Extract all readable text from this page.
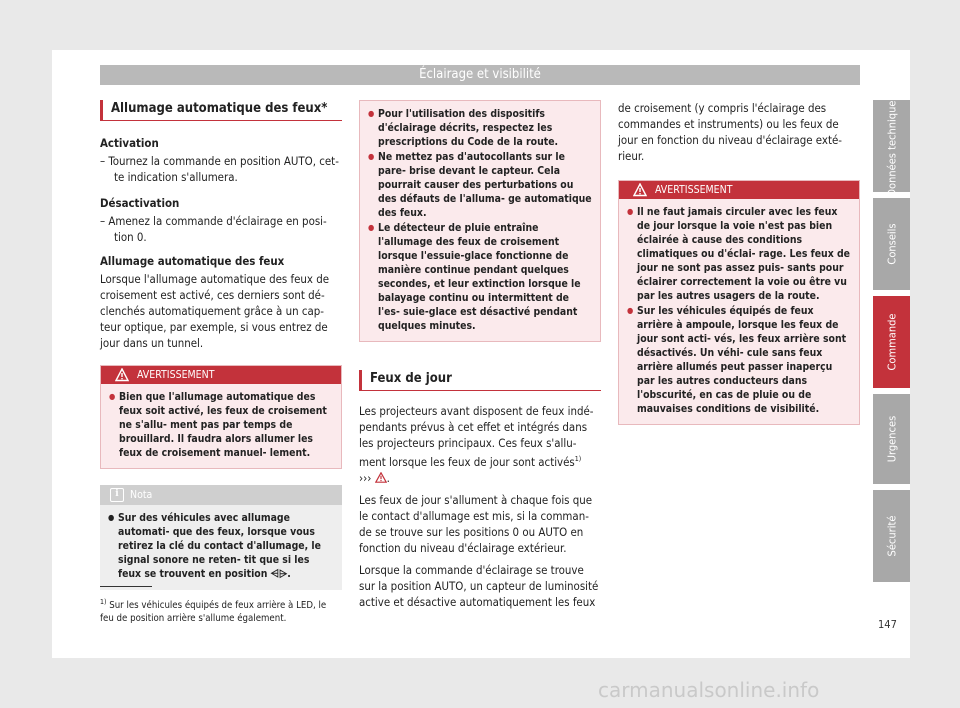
Éclairage et visibilité
Allumage automatique des feux*
Activation
– Tournez la commande en position AUTO, cet- te indication s'allumera.
Désactivation
– Amenez la commande d'éclairage en posi- tion 0.
Allumage automatique des feux

Lorsque l'allumage automatique des feux de croisement est activé, ces derniers sont dé- clenchés automatiquement grâce à un cap- teur optique, par exemple, si vous entrez de jour dans un tunnel.

AVERTISSEMENT
● Bien que l'allumage automatique des feux soit activé, les feux de croisement ne s'allu- ment pas par temps de brouillard. Il faudra alors allumer les feux de croisement manuel- lement.
i	Nota
● Sur des véhicules avec allumage automati- que des feux, lorsque vous retirez la clé du contact d'allumage, le signal sonore ne reten- tit que si les feux se trouvent en position ⩤⩥.
● Pour l'utilisation des dispositifs d'éclairage décrits, respectez les prescriptions du Code de la route.
● Ne mettez pas d'autocollants sur le pare- brise devant le capteur. Cela pourrait causer des perturbations ou des défauts de l'alluma- ge automatique des feux.
● Le détecteur de pluie entraîne l'allumage des feux de croisement lorsque l'essuie-glace fonctionne de manière continue pendant quelques secondes, et leur extinction lorsque le balayage continu ou intermittent de l'es- suie-glace est désactivé pendant quelques minutes.
Feux de jour

Les projecteurs avant disposent de feux indé- pendants prévus à cet effet et intégrés dans les projecteurs principaux. Ces feux s'allu- ment lorsque les feux de jour sont activés$^{1)}$
››› .

Les feux de jour s'allument à chaque fois que le contact d'allumage est mis, si la comman- de se trouve sur les positions 0 ou AUTO en fonction du niveau d'éclairage extérieur.

Lorsque la commande d'éclairage se trouve sur la position AUTO, un capteur de luminosité active et désactive automatiquement les feux

de croisement (y compris l'éclairage des commandes et instruments) ou les feux de jour en fonction du niveau d'éclairage exté- rieur.

AVERTISSEMENT
● Il ne faut jamais circuler avec les feux de jour lorsque la voie n'est pas bien éclairée à cause des conditions climatiques ou d'éclai- rage. Les feux de jour ne sont pas assez puis- sants pour éclairer correctement la voie ou être vu par les autres usagers de la route.
● Sur les véhicules équipés de feux arrière à ampoule, lorsque les feux de jour sont acti- vés, les feux arrière sont désactivés. Un véhi- cule sans feux arrière allumés peut passer inaperçu par les autres conducteurs dans l'obscurité, en cas de pluie ou de mauvaises conditions de visibilité.
Données techniques
Conseils
Commande
Urgences
Sécurité
$^{1)}$ Sur les véhicules équipés de feux arrière à LED, le feu de position arrière s'allume également.	147
carmanualsonline.info
